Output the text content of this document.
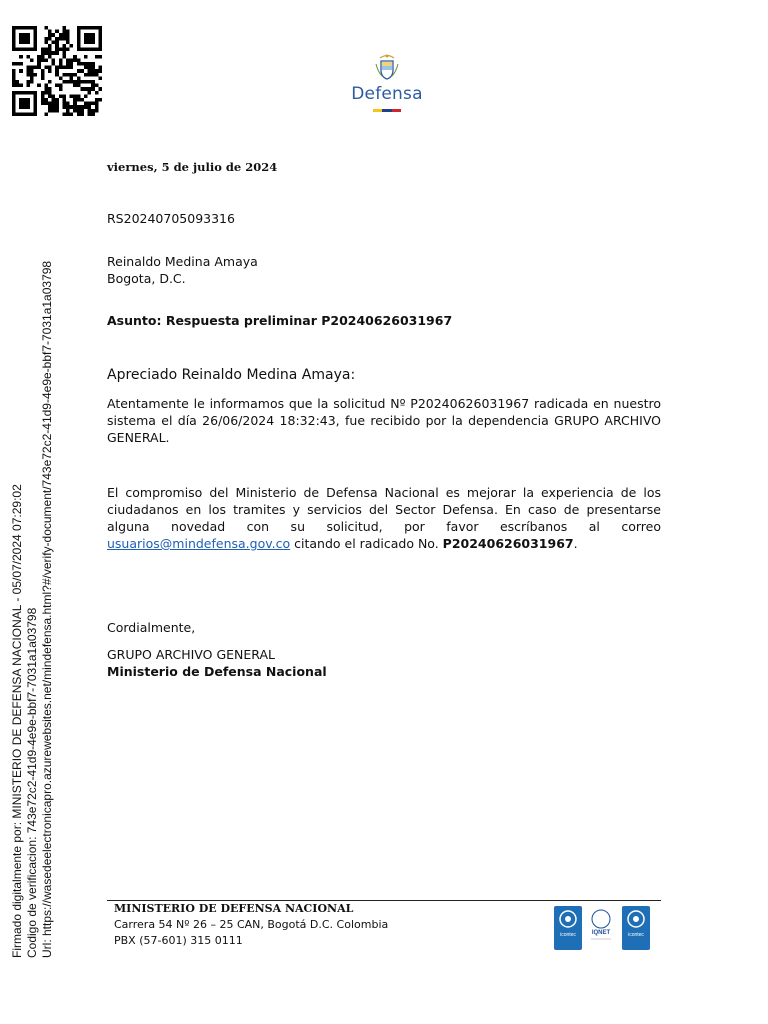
Defensa
Firmado digitalmente por: MINISTERIO DE DEFENSA NACIONAL - 05/07/2024 07:29:02 Codigo de verificacion: 743e72c2-41d9-4e9e-bbf7-7031a1a03798 Url: https://wasedeelectronicapro.azurewebsites.net/mindefensa.html?#/verify-document/743e72c2-41d9-4e9e-bbf7-7031a1a03798
viernes, 5 de julio de 2024
RS20240705093316
Reinaldo Medina Amaya
Bogota, D.C.
Asunto: Respuesta preliminar P20240626031967
Apreciado Reinaldo Medina Amaya:
Atentamente le informamos que la solicitud Nº P20240626031967 radicada en nuestro sistema el día 26/06/2024 18:32:43, fue recibido por la dependencia GRUPO ARCHIVO GENERAL.
El compromiso del Ministerio de Defensa Nacional es mejorar la experiencia de los ciudadanos en los tramites y servicios del Sector Defensa. En caso de presentarse alguna novedad con su solicitud, por favor escríbanos al correo usuarios@mindefensa.gov.co citando el radicado No. P20240626031967.
Cordialmente,
GRUPO ARCHIVO GENERAL
Ministerio de Defensa Nacional
MINISTERIO DE DEFENSA NACIONAL
Carrera 54 Nº 26 – 25 CAN, Bogotá D.C. Colombia
PBX (57-601) 315 0111	icontec	IQNET	icontec
